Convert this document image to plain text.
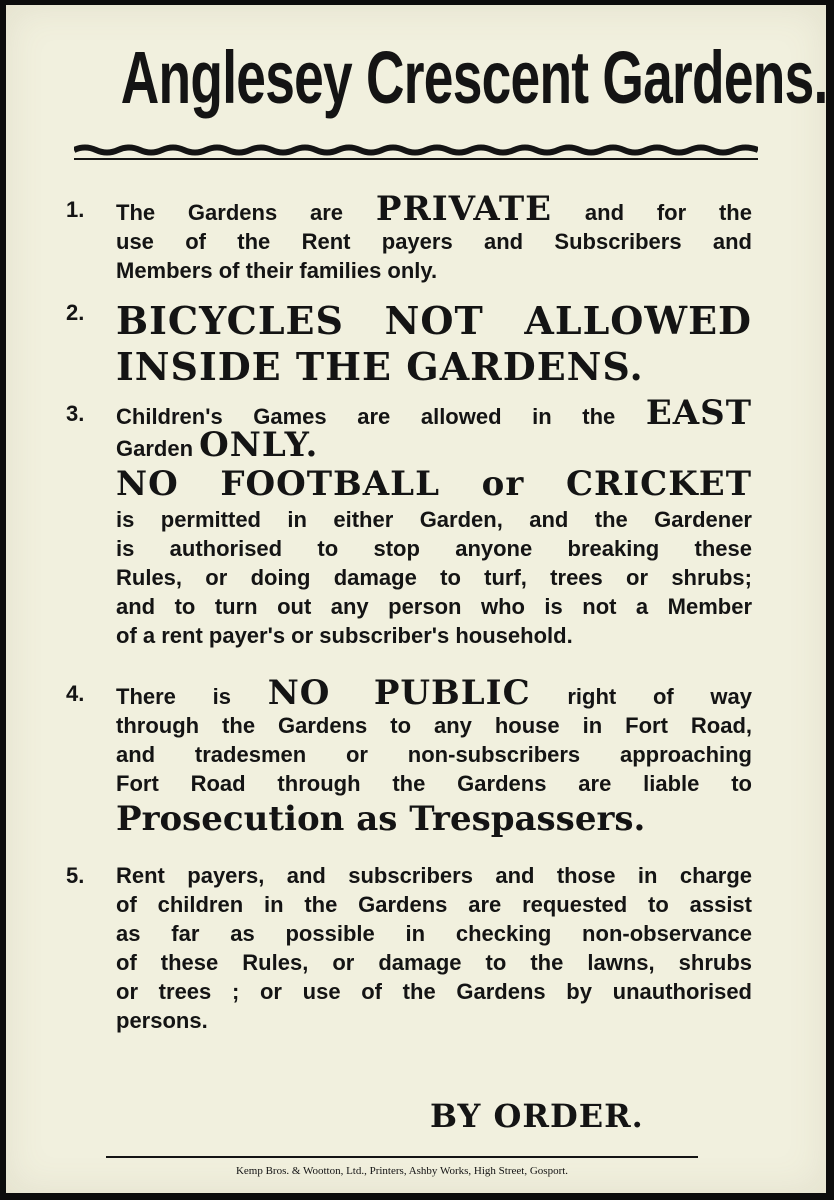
Anglesey Crescent Gardens.
1.	The Gardens are PRIVATE and for the
use of the Rent payers and Subscribers and
Members of their families only.
2. BICYCLES NOT ALLOWED
INSIDE THE GARDENS.
3.	Children's Games are allowed in the EAST
Garden ONLY.
NO FOOTBALL or CRICKET
is permitted in either Garden, and the Gardener
is authorised to stop anyone breaking these
Rules, or doing damage to turf, trees or shrubs;
and to turn out any person who is not a Member
of a rent payer's or subscriber's household.
4.	There is NO PUBLIC right of way
through the Gardens to any house in Fort Road,
and tradesmen or non-subscribers approaching
Fort Road through the Gardens are liable to
Prosecution as Trespassers.
5.	Rent payers, and subscribers and those in charge
of children in the Gardens are requested to assist
as far as possible in checking non-observance
of these Rules, or damage to the lawns, shrubs
or trees ; or use of the Gardens by unauthorised
persons.
BY ORDER.
Kemp Bros. & Wootton, Ltd., Printers, Ashby Works, High Street, Gosport.
